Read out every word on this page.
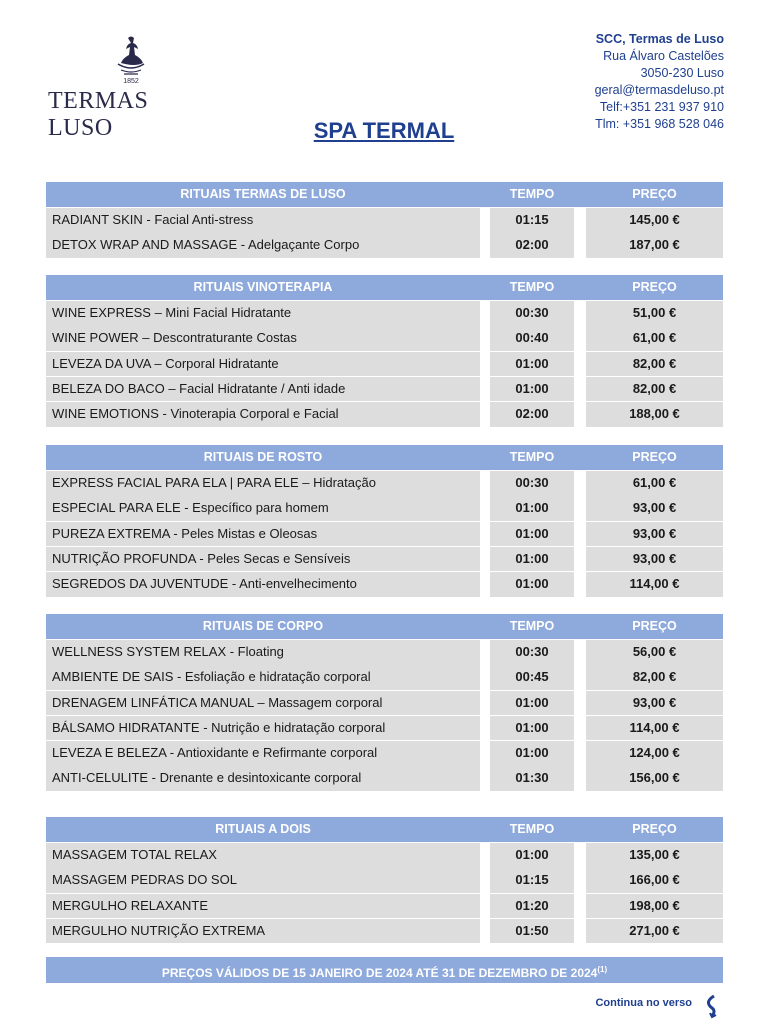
1852
TERMAS LUSO
SCC, Termas de Luso
Rua Álvaro Castelões
3050-230 Luso
geral@termasdeluso.pt
Telf:+351 231 937 910
Tlm: +351 968 528 046
SPA TERMAL
RITUAIS TERMAS DE LUSO	TEMPO	PREÇO
RADIANT SKIN - Facial Anti-stress	01:15	145,00 €
DETOX WRAP AND MASSAGE - Adelgaçante Corpo	02:00	187,00 €
RITUAIS VINOTERAPIA	TEMPO	PREÇO
WINE EXPRESS – Mini Facial Hidratante	00:30	51,00 €
WINE POWER – Descontraturante Costas	00:40	61,00 €
LEVEZA DA UVA – Corporal Hidratante	01:00	82,00 €
BELEZA DO BACO – Facial Hidratante / Anti idade	01:00	82,00 €
WINE EMOTIONS - Vinoterapia Corporal e Facial	02:00	188,00 €
RITUAIS DE ROSTO	TEMPO	PREÇO
EXPRESS FACIAL PARA ELA | PARA ELE – Hidratação	00:30	61,00 €
ESPECIAL PARA ELE - Específico para homem	01:00	93,00 €
PUREZA EXTREMA - Peles Mistas e Oleosas	01:00	93,00 €
NUTRIÇÃO PROFUNDA - Peles Secas e Sensíveis	01:00	93,00 €
SEGREDOS DA JUVENTUDE - Anti-envelhecimento	01:00	114,00 €
RITUAIS DE CORPO	TEMPO	PREÇO
WELLNESS SYSTEM RELAX - Floating	00:30	56,00 €
AMBIENTE DE SAIS - Esfoliação e hidratação corporal	00:45	82,00 €
DRENAGEM LINFÁTICA MANUAL – Massagem corporal	01:00	93,00 €
BÁLSAMO HIDRATANTE - Nutrição e hidratação corporal	01:00	114,00 €
LEVEZA E BELEZA - Antioxidante e Refirmante corporal	01:00	124,00 €
ANTI-CELULITE - Drenante e desintoxicante corporal	01:30	156,00 €
RITUAIS A DOIS	TEMPO	PREÇO
MASSAGEM TOTAL RELAX	01:00	135,00 €
MASSAGEM PEDRAS DO SOL	01:15	166,00 €
MERGULHO RELAXANTE	01:20	198,00 €
MERGULHO NUTRIÇÃO EXTREMA	01:50	271,00 €
PREÇOS VÁLIDOS DE 15 JANEIRO DE 2024 ATÉ 31 DE DEZEMBRO DE 2024$^{(1)}$
Continua no verso
